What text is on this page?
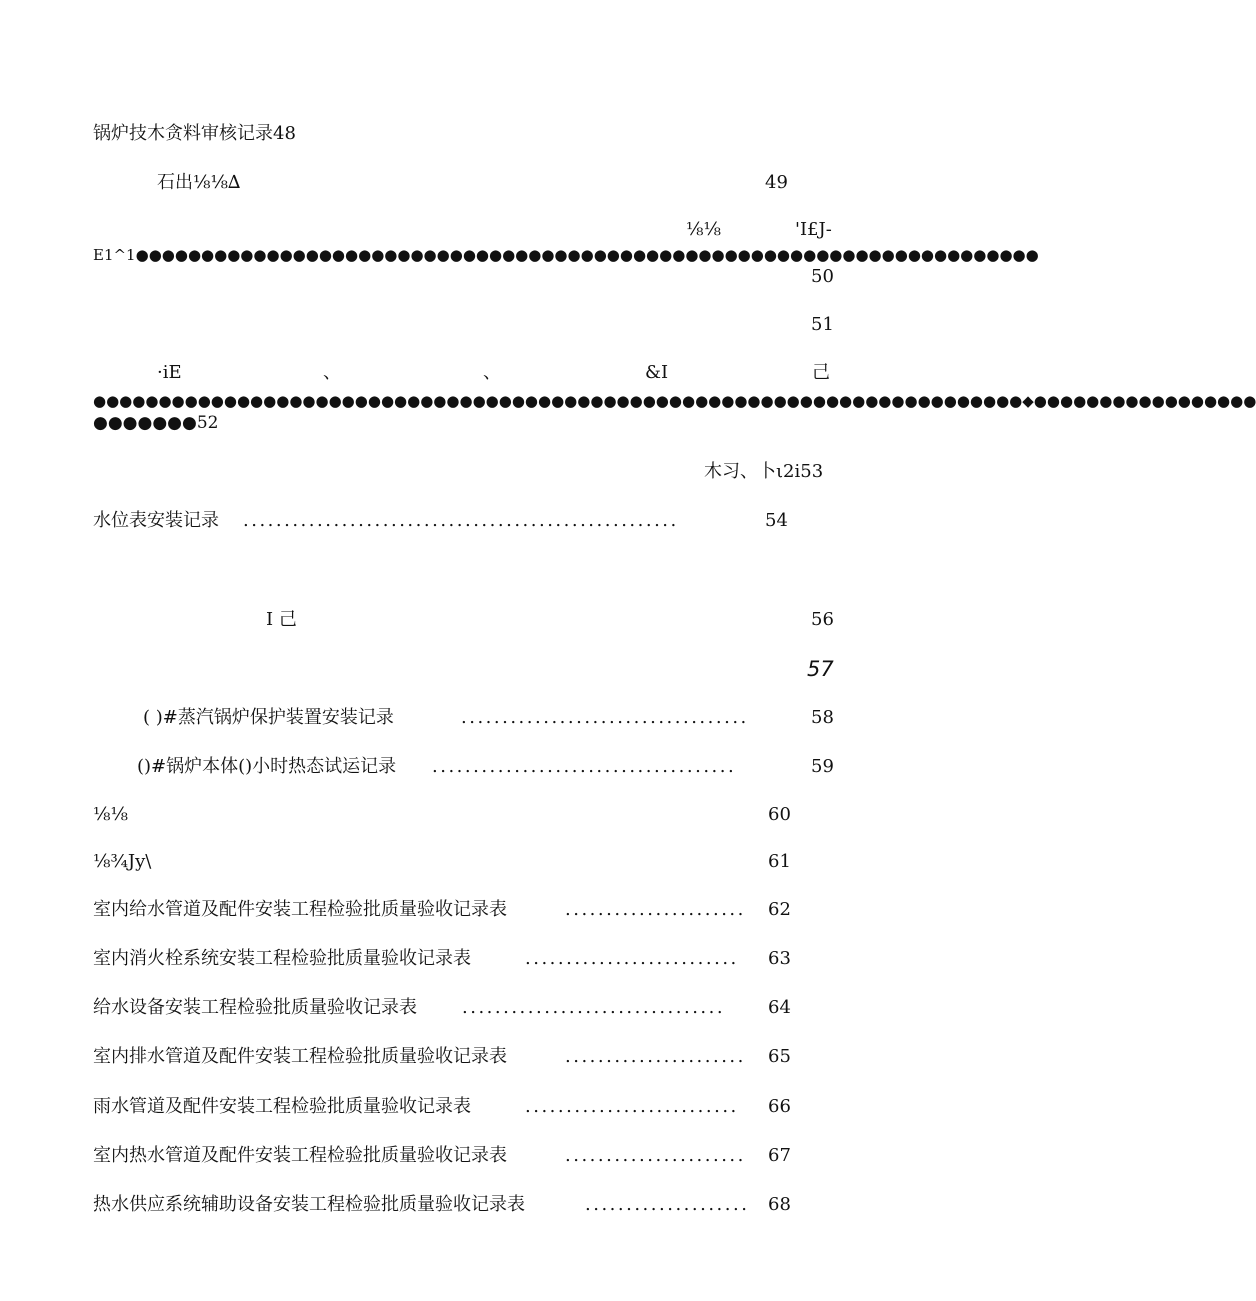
锅炉技木贪料审核记录48
石出⅛⅛∆	49
⅛⅛	'I£J-
E1^1●●●●●●●●●●●●●●●●●●●●●●●●●●●●●●●●●●●●●●●●●●●●●●●●●●●●●●●●●●●●●●●●●●●●●
50
51
·iE	、	、	&I	己
●●●●●●●●●●●●●●●●●●●●●●●●●●●●●●●●●●●●●●●●●●●●●●●●●●●●●●●●●●●●●●●●●●●●●●●◆●●●●●●●●●●●●●●●●●
●●●●●●●52
木习、卜ι2i53
水位表安装记录 .....................................................	54
I 己	56
57
( )#蒸汽锅炉保护装置安装记录	...................................	58
()#锅炉本体()小时热态试运记录 .....................................	59
⅛⅛	60
⅛¾Jy\	61
室内给水管道及配件安装工程检验批质量验收记录表	......................	62
室内消火栓系统安装工程检验批质量验收记录表	..........................	63
给水设备安装工程检验批质量验收记录表	................................	64
室内排水管道及配件安装工程检验批质量验收记录表	......................	65
雨水管道及配件安装工程检验批质量验收记录表	..........................	66
室内热水管道及配件安装工程检验批质量验收记录表	......................	67
热水供应系统辅助设备安装工程检验批质量验收记录表	....................	68
